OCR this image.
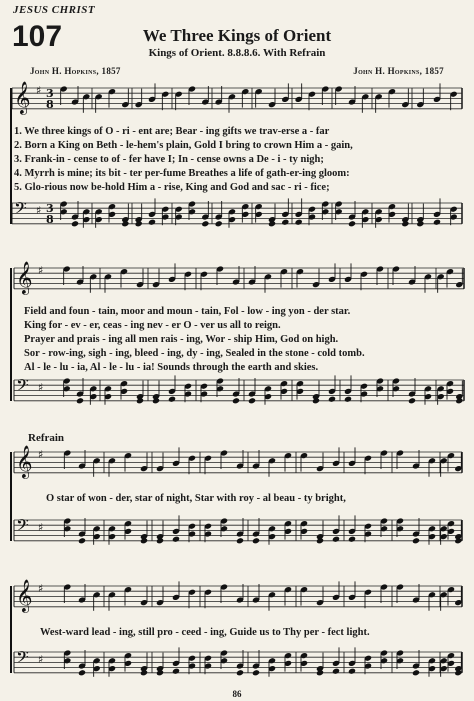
JESUS CHRIST
107	We Three Kings of Orient
Kings of Orient. 8.8.8.6. With Refrain
John H. Hopkins, 1857	John H. Hopkins, 1857
𝄞 ♯ 3
8
𝄢 ♯ 3
8
𝄞 ♯
𝄢 ♯
𝄞 ♯
𝄢 ♯
𝄞 ♯
𝄢 ♯
1. We three kings of O - ri - ent are; Bear - ing gifts we trav-erse a - far
2. Born a King on Beth - le-hem's plain, Gold I bring to crown Him a - gain,
3. Frank-in - cense to of - fer have I; In - cense owns a De - i - ty nigh;
4. Myrrh is mine; its bit - ter per-fume Breathes a life of gath-er-ing gloom:
5. Glo-rious now be-hold Him a - rise, King and God and sac - ri - fice;
Field and foun - tain, moor and moun - tain, Fol - low - ing yon - der star.
King for - ev - er, ceas - ing nev - er O - ver us all to reign.
Prayer and prais - ing all men rais - ing, Wor - ship Him, God on high.
Sor - row-ing, sigh - ing, bleed - ing, dy - ing, Sealed in the stone - cold tomb.
Al - le - lu - ia, Al - le - lu - ia! Sounds through the earth and skies.
Refrain
O star of won - der, star of night, Star with roy - al beau - ty bright,
West-ward lead - ing, still pro - ceed - ing, Guide us to Thy per - fect light.
86
